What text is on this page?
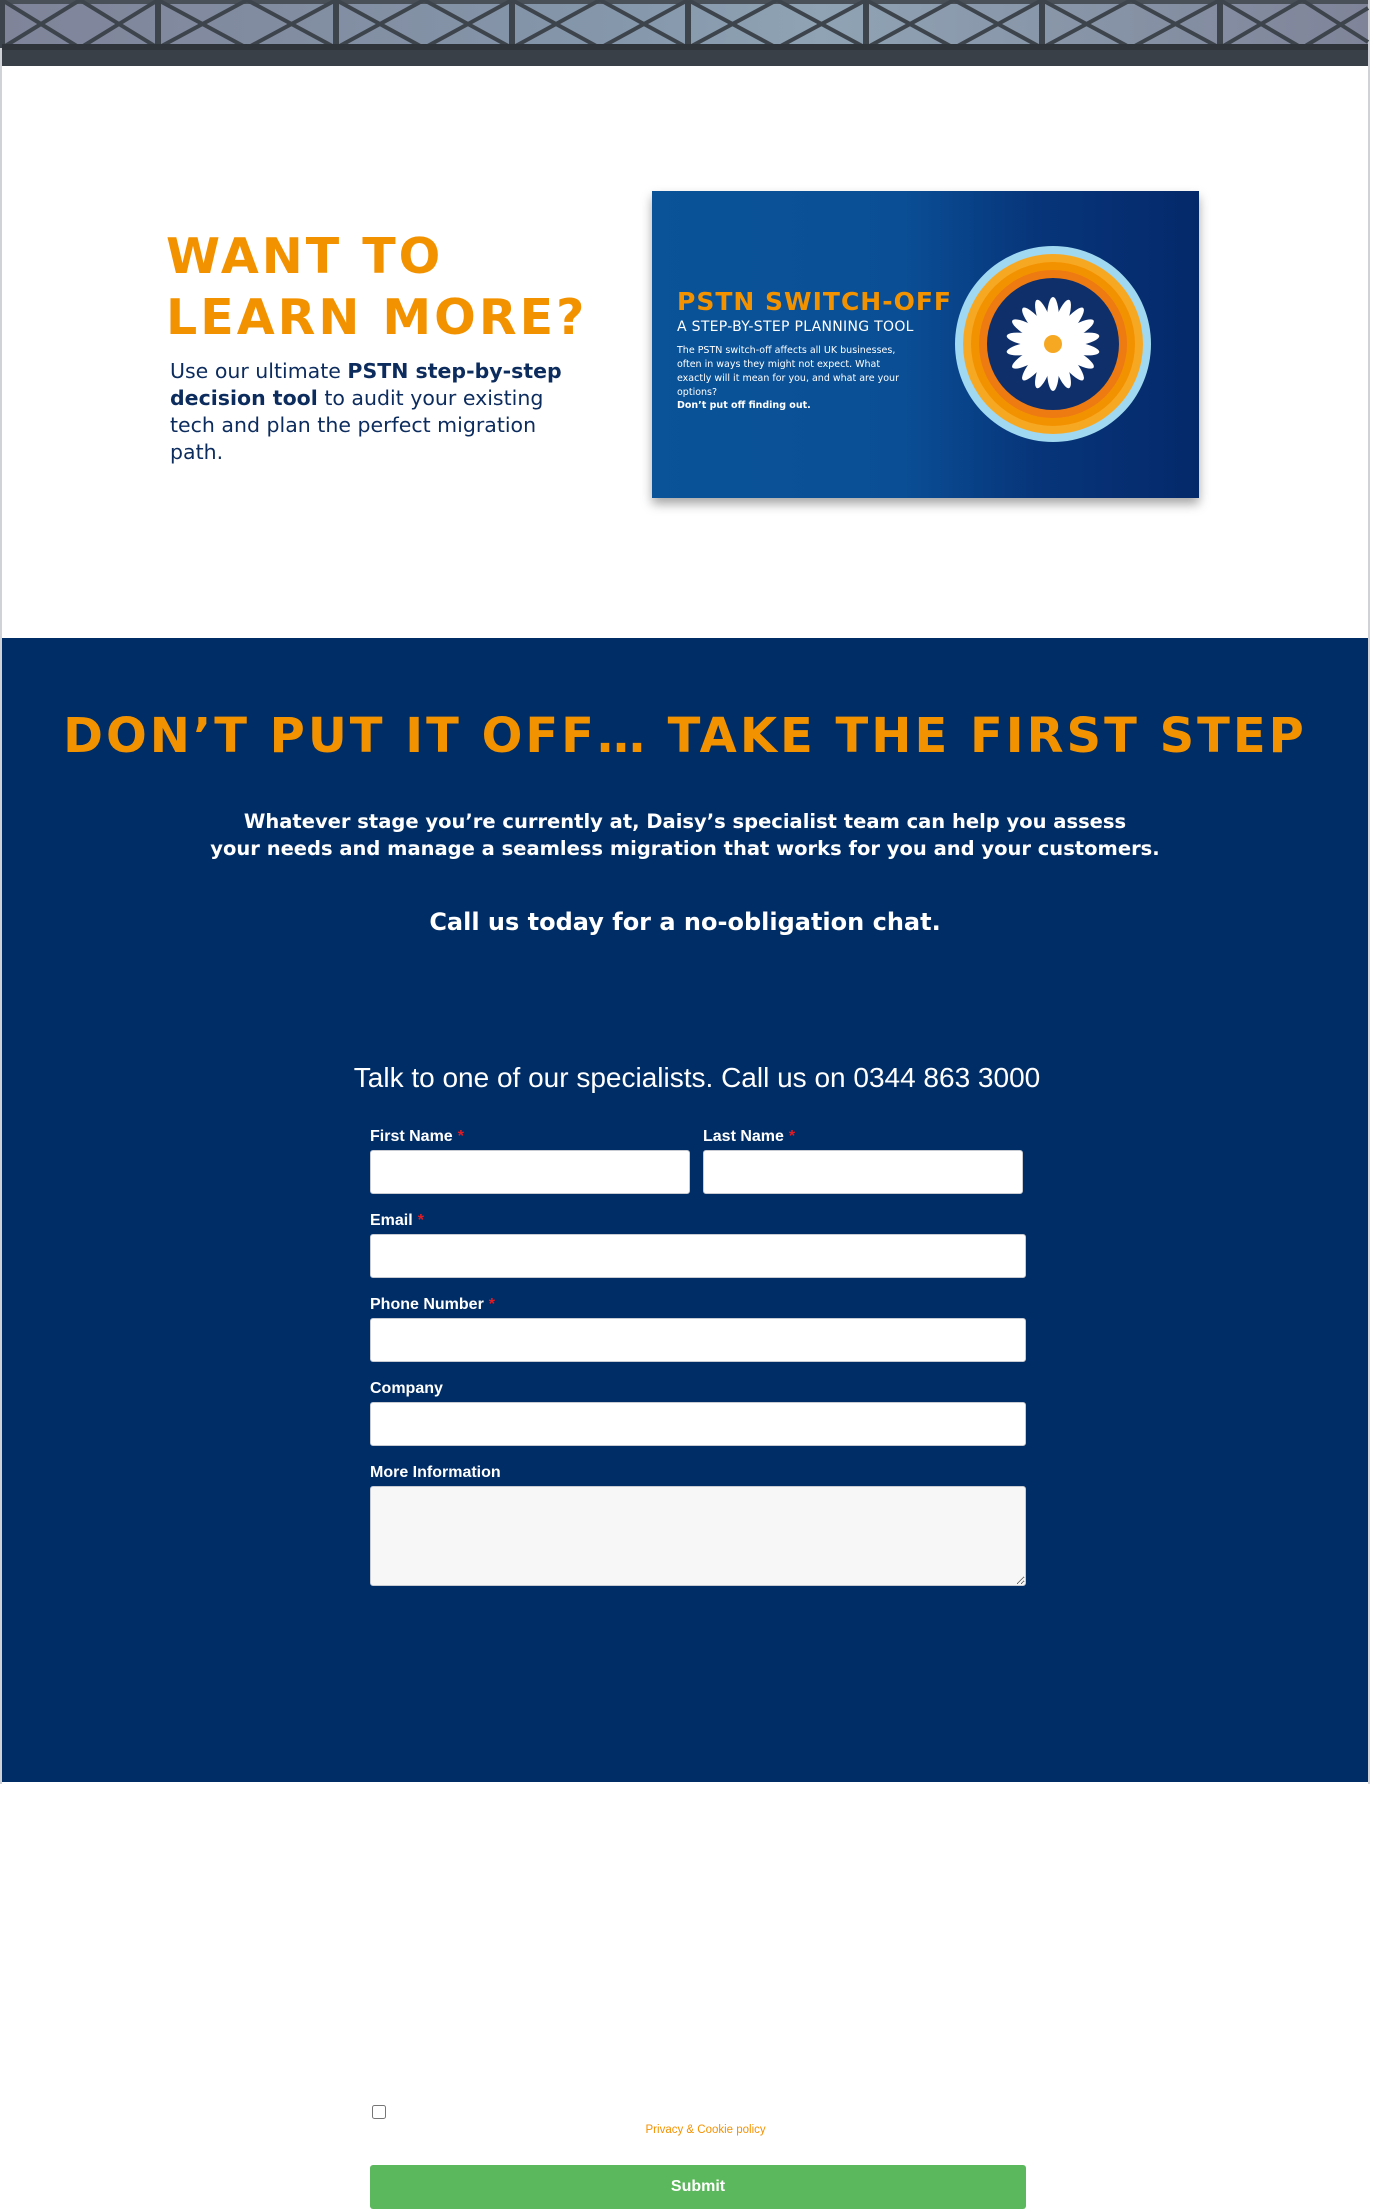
WANT TO
LEARN MORE?

Use our ultimate PSTN step-by-step decision tool to audit your existing tech and plan the perfect migration path.

PSTN SWITCH-OFF
A STEP-BY-STEP PLANNING TOOL
The PSTN switch-off affects all UK businesses, often in ways they might not expect. What exactly will it mean for you, and what are your options?
Don’t put off finding out.
DON’T PUT IT OFF… TAKE THE FIRST STEP

Whatever stage you’re currently at, Daisy’s specialist team can help you assess
your needs and manage a seamless migration that works for you and your customers.

Call us today for a no-obligation chat.

Talk to one of our specialists. Call us on 0344 863 3000
First Name *	Last Name *
Email *
Phone Number *
Company
More Information
Send me better, more relevant emails.
Our emails use tracking to help deliver better content. Privacy & Cookie policy
Submit
